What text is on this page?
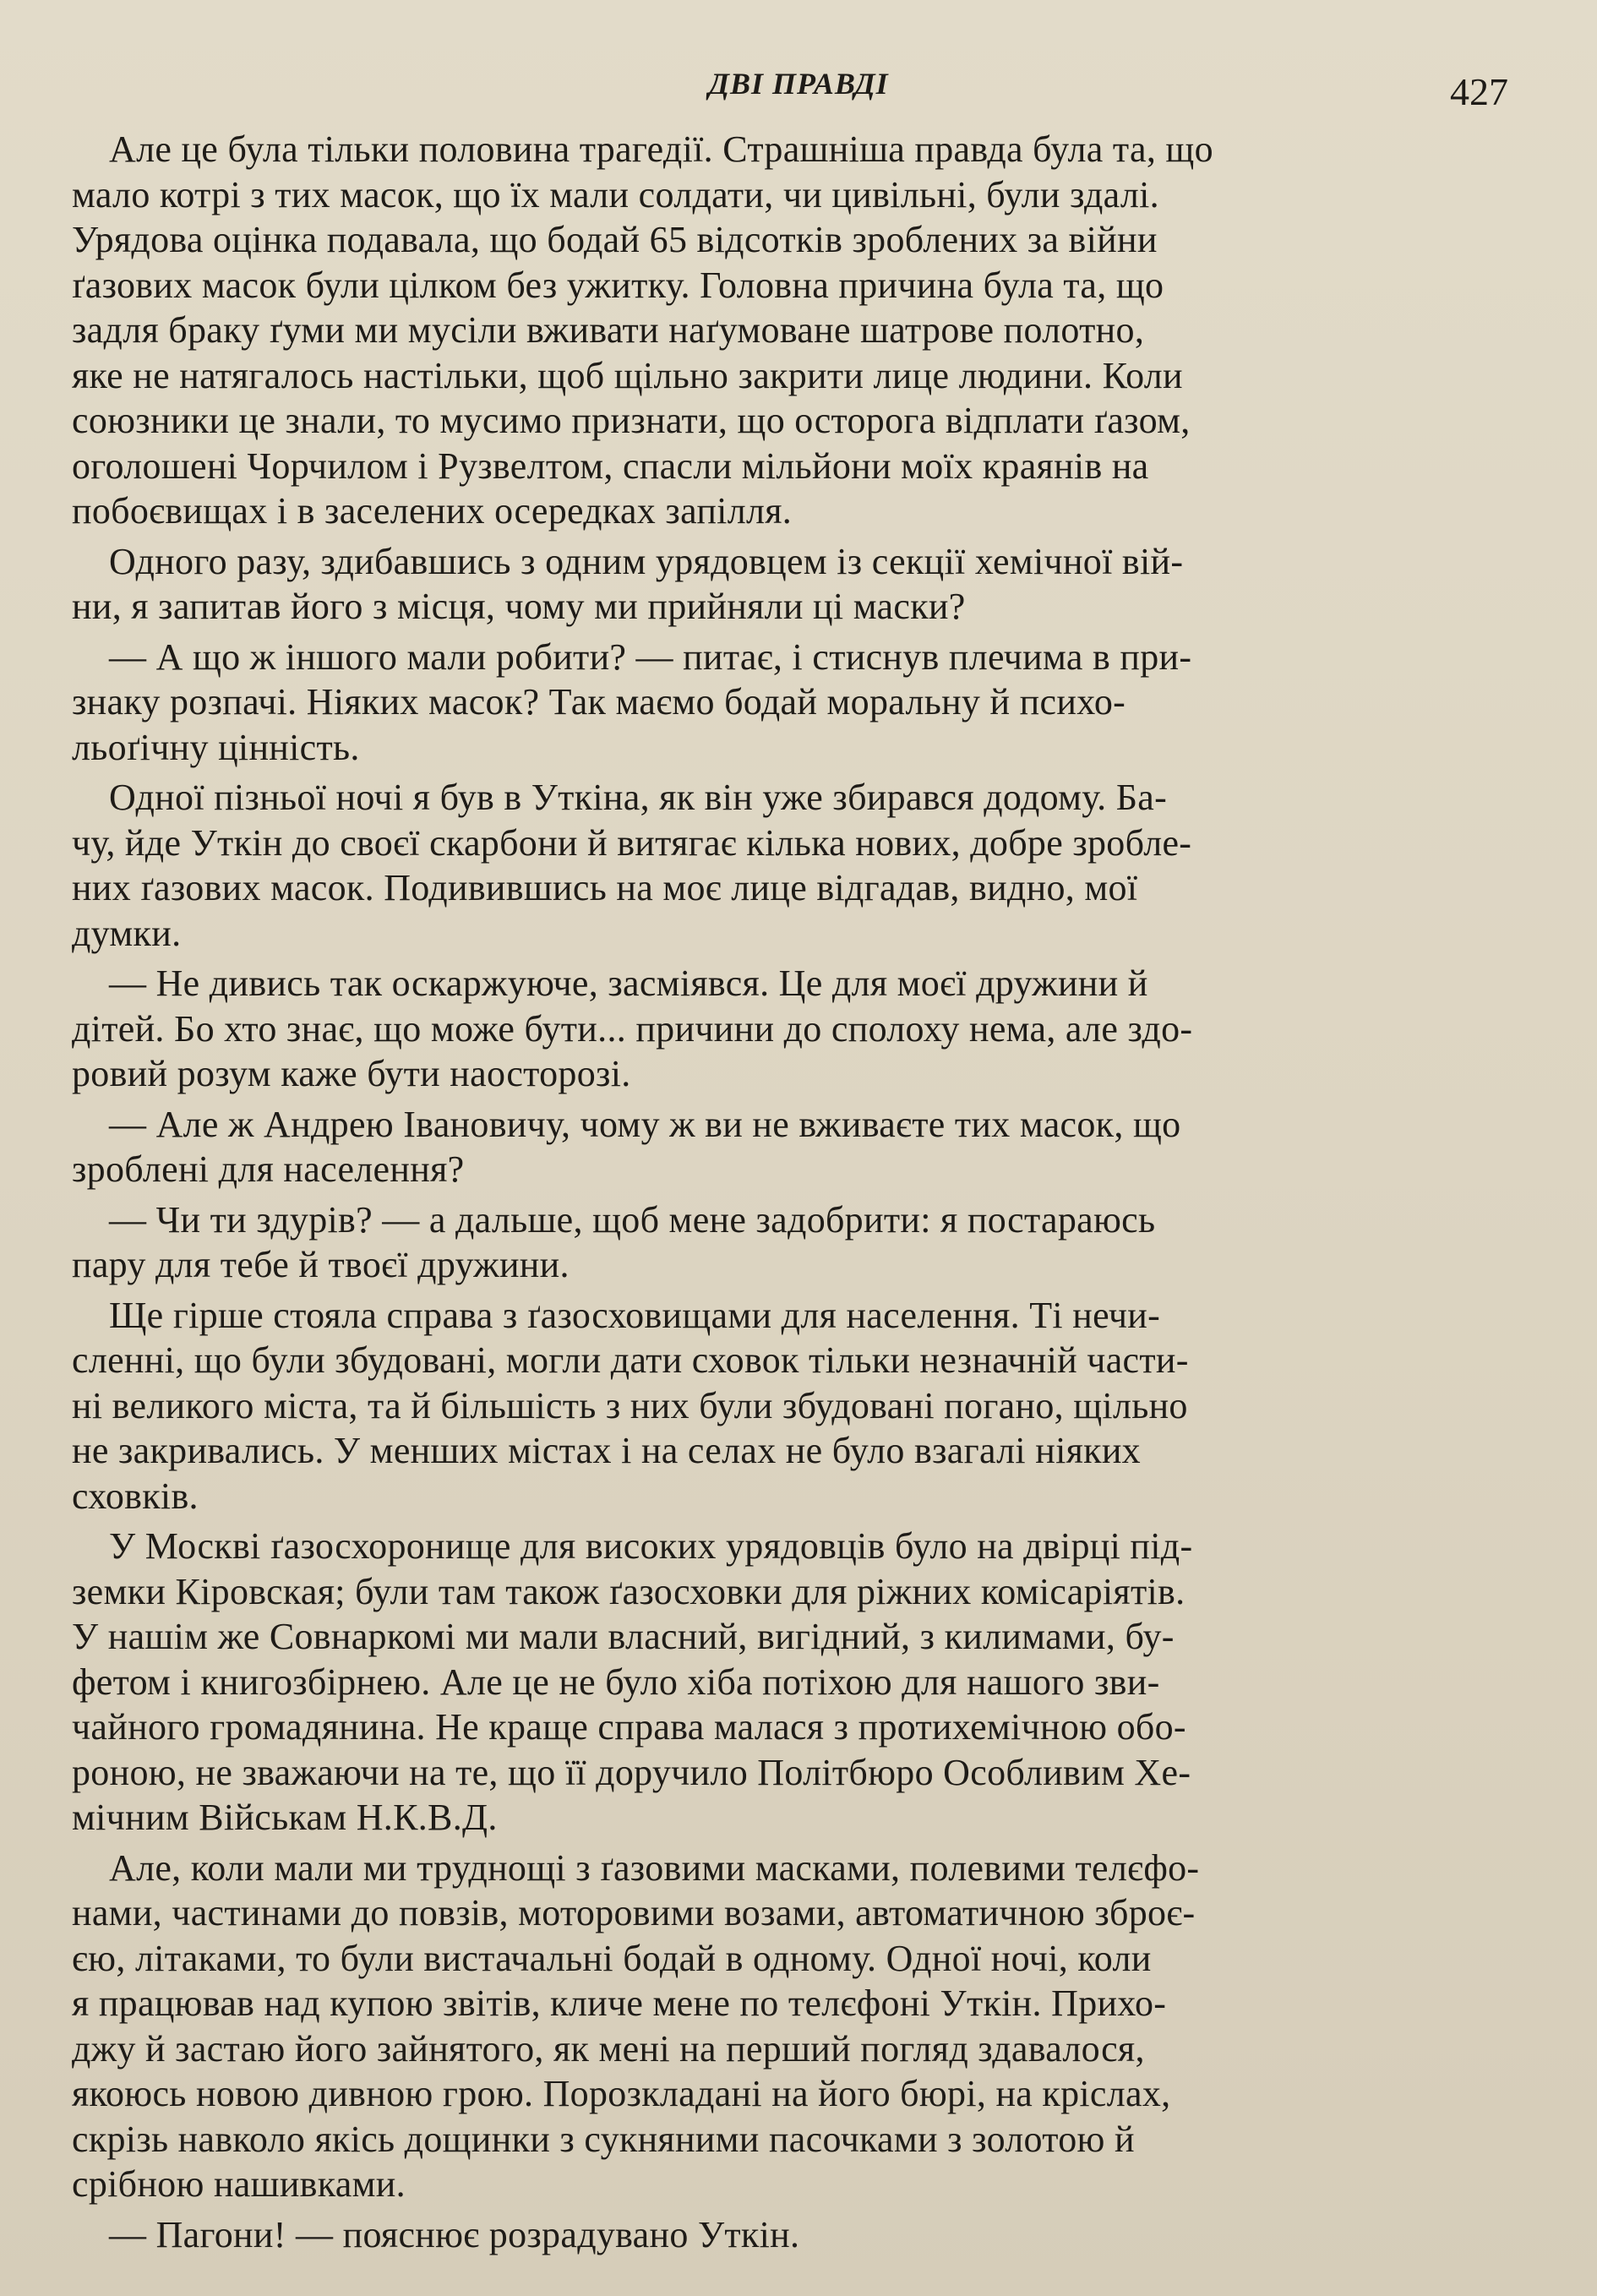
ДВІ ПРАВДІ	427
Але це була тільки половина трагедії. Страшніша правда була та, що
мало котрі з тих масок, що їх мали солдати, чи цивільні, були здалі.
Урядова оцінка подавала, що бодай 65 відсотків зроблених за війни
ґазових масок були цілком без ужитку. Головна причина була та, що
задля браку ґуми ми мусіли вживати наґумоване шатрове полотно,
яке не натягалось настільки, щоб щільно закрити лице людини. Коли
союзники це знали, то мусимо признати, що осторога відплати ґазом,
оголошені Чорчилом і Рузвелтом, спасли мільйони моїх краянів на
побоєвищах і в заселених осередках запілля.
Одного разу, здибавшись з одним урядовцем із секції хемічної вій-
ни, я запитав його з місця, чому ми прийняли ці маски?
— А що ж іншого мали робити? — питає, і стиснув плечима в при-
знаку розпачі. Ніяких масок? Так маємо бодай моральну й психо-
льоґічну цінність.
Одної пізньої ночі я був в Уткіна, як він уже збирався додому. Ба-
чу, йде Уткін до своєї скарбони й витягає кілька нових, добре зробле-
них ґазових масок. Подивившись на моє лице відгадав, видно, мої
думки.
— Не дивись так оскаржуюче, засміявся. Це для моєї дружини й
дітей. Бо хто знає, що може бути... причини до сполоху нема, але здо-
ровий розум каже бути наосторозі.
— Але ж Андрею Івановичу, чому ж ви не вживаєте тих масок, що
зроблені для населення?
— Чи ти здурів? — а дальше, щоб мене задобрити: я постараюсь
пару для тебе й твоєї дружини.
Ще гірше стояла справа з ґазосховищами для населення. Ті нечи-
сленні, що були збудовані, могли дати сховок тільки незначній части-
ні великого міста, та й більшість з них були збудовані погано, щільно
не закривались. У менших містах і на селах не було взагалі ніяких
сховків.
У Москві ґазосхоронище для високих урядовців було на двірці під-
земки Кіровская; були там також ґазосховки для ріжних комісаріятів.
У нашім же Совнаркомі ми мали власний, вигідний, з килимами, бу-
фетом і книгозбірнею. Але це не було хіба потіхою для нашого зви-
чайного громадянина. Не краще справа малася з протихемічною обо-
роною, не зважаючи на те, що її доручило Політбюро Особливим Хе-
мічним Військам Н.К.В.Д.
Але, коли мали ми труднощі з ґазовими масками, полевими телєфо-
нами, частинами до повзів, моторовими возами, автоматичною зброє-
єю, літаками, то були вистачальні бодай в одному. Одної ночі, коли
я працював над купою звітів, кличе мене по телєфоні Уткін. Прихо-
джу й застаю його зайнятого, як мені на перший погляд здавалося,
якоюсь новою дивною грою. Порозкладані на його бюрі, на кріслах,
скрізь навколо якісь дощинки з сукняними пасочками з золотою й
срібною нашивками.
— Пагони! — пояснює розрадувано Уткін.
